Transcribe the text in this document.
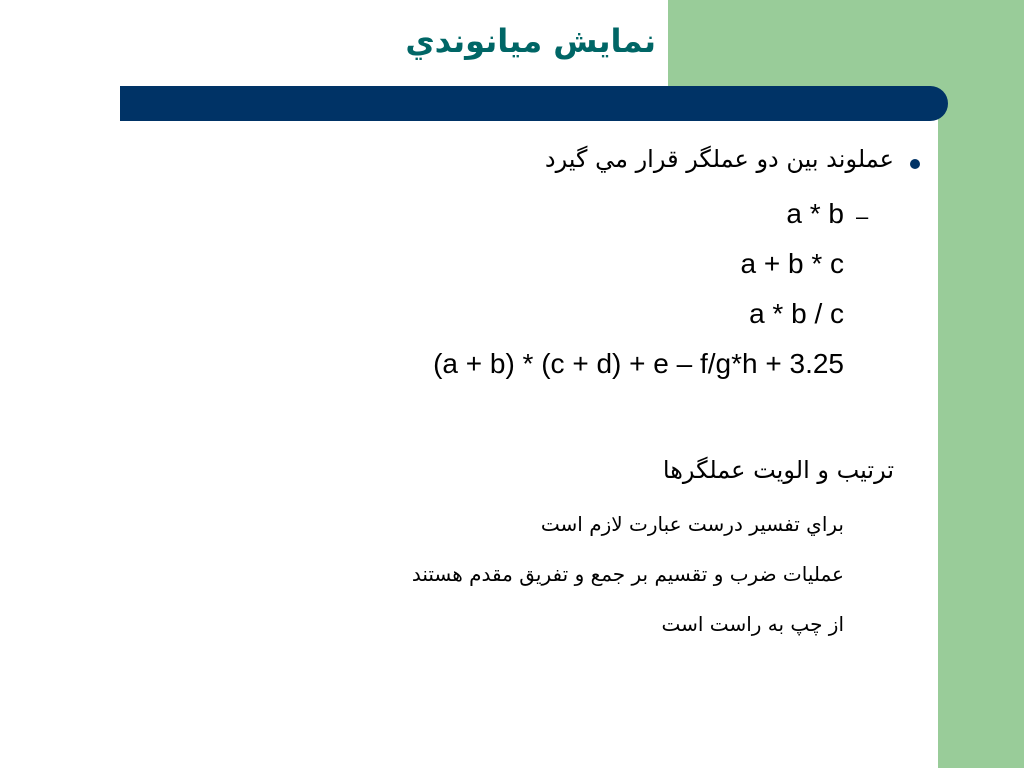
نمایش میانوندي
عملوند بين دو عملگر قرار مي گيرد
–
a * b
a + b * c
a * b / c
(a + b) * (c + d) + e – f/g*h + 3.25
ترتيب و الويت عملگرها
براي تفسير درست عبارت لازم است
عمليات ضرب و تقسيم بر جمع و تفريق مقدم هستند
از چپ به راست است
